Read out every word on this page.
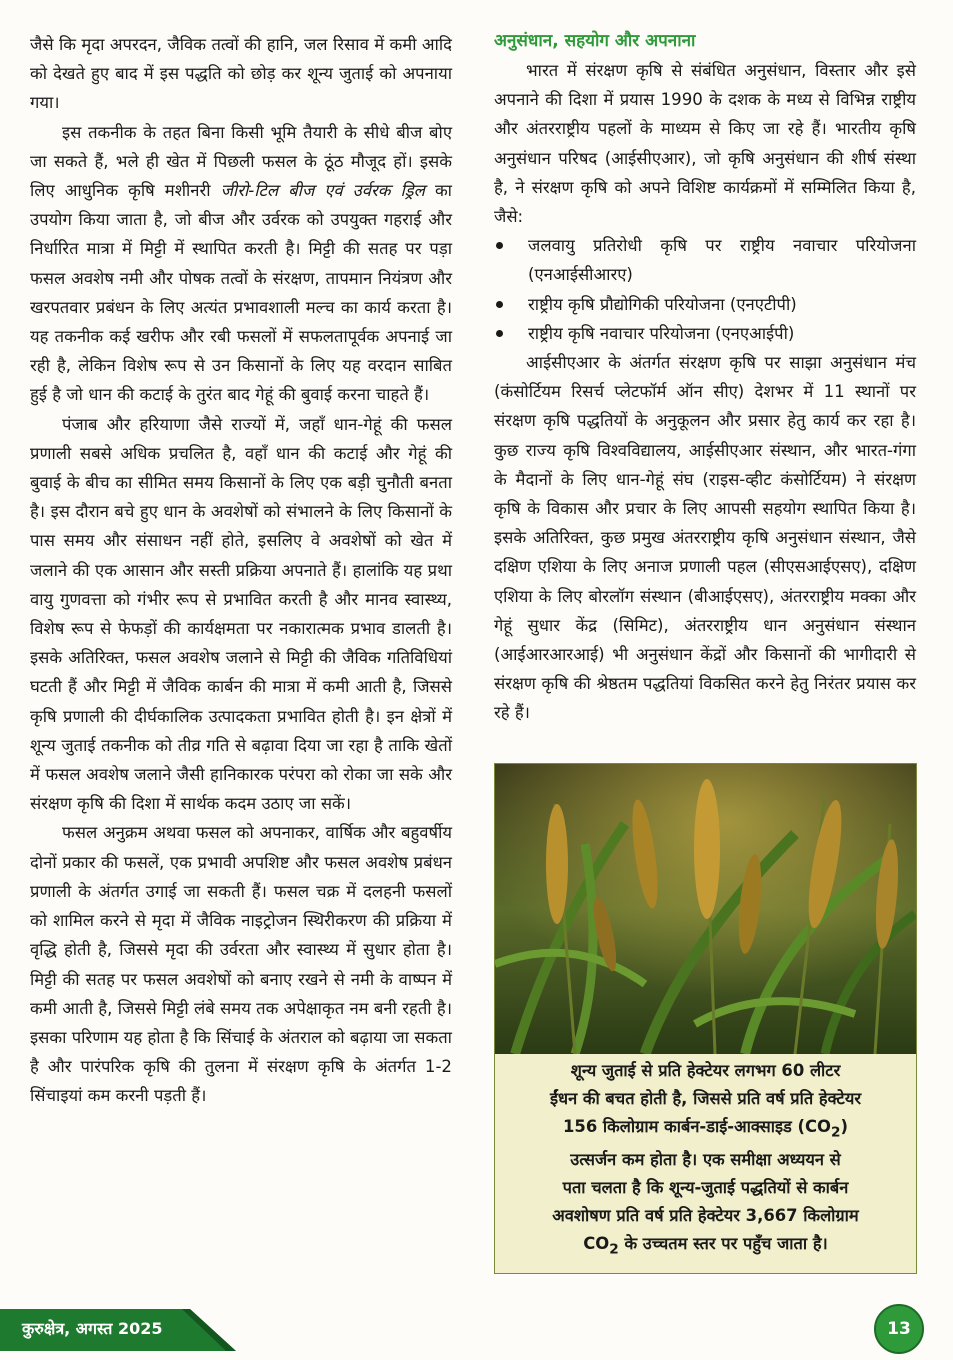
जैसे कि मृदा अपरदन, जैविक तत्वों की हानि, जल रिसाव में कमी आदि को देखते हुए बाद में इस पद्धति को छोड़ कर शून्य जुताई को अपनाया गया।

इस तकनीक के तहत बिना किसी भूमि तैयारी के सीधे बीज बोए जा सकते हैं, भले ही खेत में पिछली फसल के ठूंठ मौजूद हों। इसके लिए आधुनिक कृषि मशीनरी जीरो-टिल बीज एवं उर्वरक ड्रिल का उपयोग किया जाता है, जो बीज और उर्वरक को उपयुक्त गहराई और निर्धारित मात्रा में मिट्टी में स्थापित करती है। मिट्टी की सतह पर पड़ा फसल अवशेष नमी और पोषक तत्वों के संरक्षण, तापमान नियंत्रण और खरपतवार प्रबंधन के लिए अत्यंत प्रभावशाली मल्च का कार्य करता है। यह तकनीक कई खरीफ और रबी फसलों में सफलतापूर्वक अपनाई जा रही है, लेकिन विशेष रूप से उन किसानों के लिए यह वरदान साबित हुई है जो धान की कटाई के तुरंत बाद गेहूं की बुवाई करना चाहते हैं।

पंजाब और हरियाणा जैसे राज्यों में, जहाँ धान-गेहूं की फसल प्रणाली सबसे अधिक प्रचलित है, वहाँ धान की कटाई और गेहूं की बुवाई के बीच का सीमित समय किसानों के लिए एक बड़ी चुनौती बनता है। इस दौरान बचे हुए धान के अवशेषों को संभालने के लिए किसानों के पास समय और संसाधन नहीं होते, इसलिए वे अवशेषों को खेत में जलाने की एक आसान और सस्ती प्रक्रिया अपनाते हैं। हालांकि यह प्रथा वायु गुणवत्ता को गंभीर रूप से प्रभावित करती है और मानव स्वास्थ्य, विशेष रूप से फेफड़ों की कार्यक्षमता पर नकारात्मक प्रभाव डालती है। इसके अतिरिक्त, फसल अवशेष जलाने से मिट्टी की जैविक गतिविधियां घटती हैं और मिट्टी में जैविक कार्बन की मात्रा में कमी आती है, जिससे कृषि प्रणाली की दीर्घकालिक उत्पादकता प्रभावित होती है। इन क्षेत्रों में शून्य जुताई तकनीक को तीव्र गति से बढ़ावा दिया जा रहा है ताकि खेतों में फसल अवशेष जलाने जैसी हानिकारक परंपरा को रोका जा सके और संरक्षण कृषि की दिशा में सार्थक कदम उठाए जा सकें।

फसल अनुक्रम अथवा फसल को अपनाकर, वार्षिक और बहुवर्षीय दोनों प्रकार की फसलें, एक प्रभावी अपशिष्ट और फसल अवशेष प्रबंधन प्रणाली के अंतर्गत उगाई जा सकती हैं। फसल चक्र में दलहनी फसलों को शामिल करने से मृदा में जैविक नाइट्रोजन स्थिरीकरण की प्रक्रिया में वृद्धि होती है, जिससे मृदा की उर्वरता और स्वास्थ्य में सुधार होता है। मिट्टी की सतह पर फसल अवशेषों को बनाए रखने से नमी के वाष्पन में कमी आती है, जिससे मिट्टी लंबे समय तक अपेक्षाकृत नम बनी रहती है। इसका परिणाम यह होता है कि सिंचाई के अंतराल को बढ़ाया जा सकता है और पारंपरिक कृषि की तुलना में संरक्षण कृषि के अंतर्गत 1-2 सिंचाइयां कम करनी पड़ती हैं।

अनुसंधान, सहयोग और अपनाना

भारत में संरक्षण कृषि से संबंधित अनुसंधान, विस्तार और इसे अपनाने की दिशा में प्रयास 1990 के दशक के मध्य से विभिन्न राष्ट्रीय और अंतरराष्ट्रीय पहलों के माध्यम से किए जा रहे हैं। भारतीय कृषि अनुसंधान परिषद (आईसीएआर), जो कृषि अनुसंधान की शीर्ष संस्था है, ने संरक्षण कृषि को अपने विशिष्ट कार्यक्रमों में सम्मिलित किया है, जैसे:

जलवायु प्रतिरोधी कृषि पर राष्ट्रीय नवाचार परियोजना (एनआईसीआरए)
राष्ट्रीय कृषि प्रौद्योगिकी परियोजना (एनएटीपी)
राष्ट्रीय कृषि नवाचार परियोजना (एनएआईपी)

आईसीएआर के अंतर्गत संरक्षण कृषि पर साझा अनुसंधान मंच (कंसोर्टियम रिसर्च प्लेटफॉर्म ऑन सीए) देशभर में 11 स्थानों पर संरक्षण कृषि पद्धतियों के अनुकूलन और प्रसार हेतु कार्य कर रहा है। कुछ राज्य कृषि विश्वविद्यालय, आईसीएआर संस्थान, और भारत-गंगा के मैदानों के लिए धान-गेहूं संघ (राइस-व्हीट कंसोर्टियम) ने संरक्षण कृषि के विकास और प्रचार के लिए आपसी सहयोग स्थापित किया है। इसके अतिरिक्त, कुछ प्रमुख अंतरराष्ट्रीय कृषि अनुसंधान संस्थान, जैसे दक्षिण एशिया के लिए अनाज प्रणाली पहल (सीएसआईएसए), दक्षिण एशिया के लिए बोरलॉग संस्थान (बीआईएसए), अंतरराष्ट्रीय मक्का और गेहूं सुधार केंद्र (सिमिट), अंतरराष्ट्रीय धान अनुसंधान संस्थान (आईआरआरआई) भी अनुसंधान केंद्रों और किसानों की भागीदारी से संरक्षण कृषि की श्रेष्ठतम पद्धतियां विकसित करने हेतु निरंतर प्रयास कर रहे हैं।

शून्य जुताई से प्रति हेक्टेयर लगभग 60 लीटर
ईंधन की बचत होती है, जिससे प्रति वर्ष प्रति हेक्टेयर
156 किलोग्राम कार्बन-डाई-आक्साइड $(CO_2)$
उत्सर्जन कम होता है। एक समीक्षा अध्ययन से
पता चलता है कि शून्य-जुताई पद्धतियों से कार्बन
अवशोषण प्रति वर्ष प्रति हेक्टेयर 3,667 किलोग्राम
$CO_2$ के उच्चतम स्तर पर पहुँच जाता है।
कुरुक्षेत्र, अगस्त 2025	13
